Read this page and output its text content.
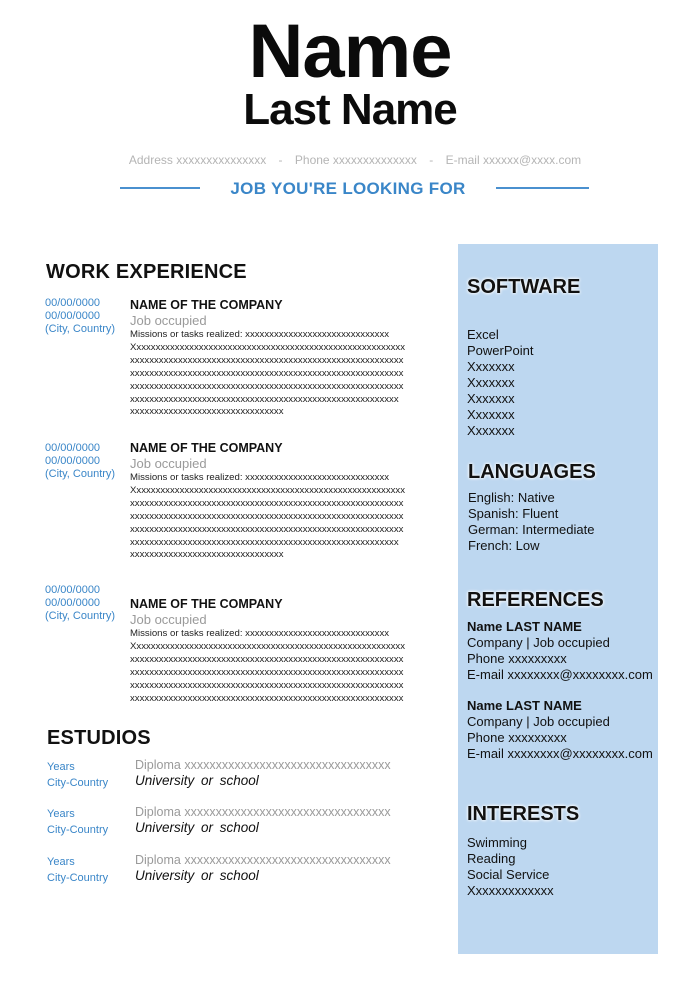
Name
Last Name
Address xxxxxxxxxxxxxxx - Phone xxxxxxxxxxxxxx - E-mail xxxxxx@xxxx.com
JOB YOU'RE LOOKING FOR
WORK EXPERIENCE
00/00/0000
00/00/0000
(City, Country)
NAME OF THE COMPANY
Job occupied
Missions or tasks realized: xxxxxxxxxxxxxxxxxxxxxxxxxxxxxx
Xxxxxxxxxxxxxxxxxxxxxxxxxxxxxxxxxxxxxxxxxxxxxxxxxxxxxxxxx
xxxxxxxxxxxxxxxxxxxxxxxxxxxxxxxxxxxxxxxxxxxxxxxxxxxxxxxxx
xxxxxxxxxxxxxxxxxxxxxxxxxxxxxxxxxxxxxxxxxxxxxxxxxxxxxxxxx
xxxxxxxxxxxxxxxxxxxxxxxxxxxxxxxxxxxxxxxxxxxxxxxxxxxxxxxxx
xxxxxxxxxxxxxxxxxxxxxxxxxxxxxxxxxxxxxxxxxxxxxxxxxxxxxxxx
xxxxxxxxxxxxxxxxxxxxxxxxxxxxxxxx
00/00/0000
00/00/0000
(City, Country)
NAME OF THE COMPANY
Job occupied
Missions or tasks realized: xxxxxxxxxxxxxxxxxxxxxxxxxxxxxx
Xxxxxxxxxxxxxxxxxxxxxxxxxxxxxxxxxxxxxxxxxxxxxxxxxxxxxxxxx
xxxxxxxxxxxxxxxxxxxxxxxxxxxxxxxxxxxxxxxxxxxxxxxxxxxxxxxxx
xxxxxxxxxxxxxxxxxxxxxxxxxxxxxxxxxxxxxxxxxxxxxxxxxxxxxxxxx
xxxxxxxxxxxxxxxxxxxxxxxxxxxxxxxxxxxxxxxxxxxxxxxxxxxxxxxxx
xxxxxxxxxxxxxxxxxxxxxxxxxxxxxxxxxxxxxxxxxxxxxxxxxxxxxxxx
xxxxxxxxxxxxxxxxxxxxxxxxxxxxxxxx
00/00/0000
00/00/0000
(City, Country)
NAME OF THE COMPANY
Job occupied
Missions or tasks realized: xxxxxxxxxxxxxxxxxxxxxxxxxxxxxx
Xxxxxxxxxxxxxxxxxxxxxxxxxxxxxxxxxxxxxxxxxxxxxxxxxxxxxxxxx
xxxxxxxxxxxxxxxxxxxxxxxxxxxxxxxxxxxxxxxxxxxxxxxxxxxxxxxxx
xxxxxxxxxxxxxxxxxxxxxxxxxxxxxxxxxxxxxxxxxxxxxxxxxxxxxxxxx
xxxxxxxxxxxxxxxxxxxxxxxxxxxxxxxxxxxxxxxxxxxxxxxxxxxxxxxxx
xxxxxxxxxxxxxxxxxxxxxxxxxxxxxxxxxxxxxxxxxxxxxxxxxxxxxxxxx
ESTUDIOS
Years
City-Country
Diploma xxxxxxxxxxxxxxxxxxxxxxxxxxxxxxxxx
University or school
Years
City-Country
Diploma xxxxxxxxxxxxxxxxxxxxxxxxxxxxxxxxx
University or school
Years
City-Country
Diploma xxxxxxxxxxxxxxxxxxxxxxxxxxxxxxxxx
University or school
SOFTWARE
Excel
PowerPoint
Xxxxxxx
Xxxxxxx
Xxxxxxx
Xxxxxxx
Xxxxxxx
LANGUAGES
English: Native
Spanish: Fluent
German: Intermediate
French: Low
REFERENCES
Name LAST NAME
Company | Job occupied
Phone xxxxxxxxx
E-mail xxxxxxxx@xxxxxxxx.com
Name LAST NAME
Company | Job occupied
Phone xxxxxxxxx
E-mail xxxxxxxx@xxxxxxxx.com
INTERESTS
Swimming
Reading
Social Service
Xxxxxxxxxxxxx
